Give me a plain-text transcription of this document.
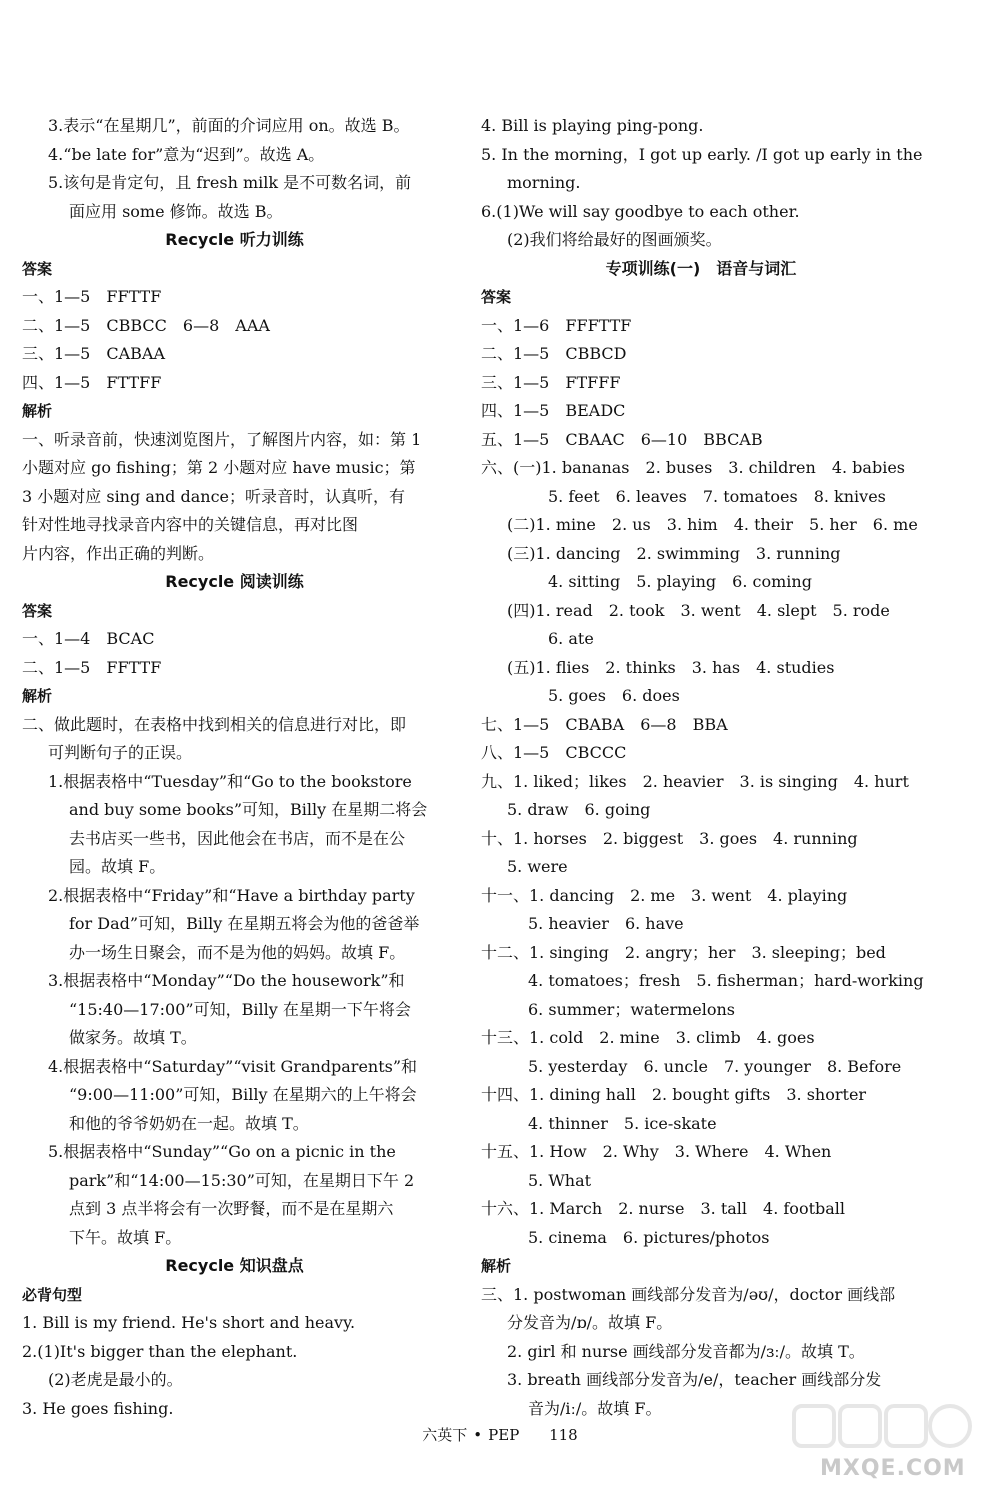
3.表示“在星期几”，前面的介词应用 on。故选 B。
4.“be late for”意为“迟到”。故选 A。
5.该句是肯定句，且 fresh milk 是不可数名词，前
面应用 some 修饰。故选 B。
Recycle 听力训练
答案
一、1—5　FFTTF
二、1—5　CBBCC　6—8　AAA
三、1—5　CABAA
四、1—5　FTTFF
解析
一、听录音前，快速浏览图片，了解图片内容，如：第 1
小题对应 go fishing；第 2 小题对应 have music；第
3 小题对应 sing and dance；听录音时，认真听，有
针对性地寻找录音内容中的关键信息，再对比图
片内容，作出正确的判断。
Recycle 阅读训练
答案
一、1—4　BCAC
二、1—5　FFTTF
解析
二、做此题时，在表格中找到相关的信息进行对比，即
可判断句子的正误。
1.根据表格中“Tuesday”和“Go to the bookstore
and buy some books”可知，Billy 在星期二将会
去书店买一些书，因此他会在书店，而不是在公
园。故填 F。
2.根据表格中“Friday”和“Have a birthday party
for Dad”可知，Billy 在星期五将会为他的爸爸举
办一场生日聚会，而不是为他的妈妈。故填 F。
3.根据表格中“Monday”“Do the housework”和
“15:40—17:00”可知，Billy 在星期一下午将会
做家务。故填 T。
4.根据表格中“Saturday”“visit Grandparents”和
“9:00—11:00”可知，Billy 在星期六的上午将会
和他的爷爷奶奶在一起。故填 T。
5.根据表格中“Sunday”“Go on a picnic in the
park”和“14:00—15:30”可知，在星期日下午 2
点到 3 点半将会有一次野餐，而不是在星期六
下午。故填 F。
Recycle 知识盘点
必背句型
1. Bill is my friend. He's short and heavy.
2.(1)It's bigger than the elephant.
(2)老虎是最小的。
3. He goes fishing.
4. Bill is playing ping-pong.
5. In the morning，I got up early. /I got up early in the
morning.
6.(1)We will say goodbye to each other.
(2)我们将给最好的图画颁奖。
专项训练(一)　语音与词汇
答案
一、1—6　FFFTTF
二、1—5　CBBCD
三、1—5　FTFFF
四、1—5　BEADC
五、1—5　CBAAC　6—10　BBCAB
六、(一)1. bananas　2. buses　3. children　4. babies
5. feet　6. leaves　7. tomatoes　8. knives
(二)1. mine　2. us　3. him　4. their　5. her　6. me
(三)1. dancing　2. swimming　3. running
4. sitting　5. playing　6. coming
(四)1. read　2. took　3. went　4. slept　5. rode
6. ate
(五)1. flies　2. thinks　3. has　4. studies
5. goes　6. does
七、1—5　CBABA　6—8　BBA
八、1—5　CBCCC
九、1. liked；likes　2. heavier　3. is singing　4. hurt
5. draw　6. going
十、1. horses　2. biggest　3. goes　4. running
5. were
十一、1. dancing　2. me　3. went　4. playing
5. heavier　6. have
十二、1. singing　2. angry；her　3. sleeping；bed
4. tomatoes；fresh　5. fisherman；hard-working
6. summer；watermelons
十三、1. cold　2. mine　3. climb　4. goes
5. yesterday　6. uncle　7. younger　8. Before
十四、1. dining hall　2. bought gifts　3. shorter
4. thinner　5. ice-skate
十五、1. How　2. Why　3. Where　4. When
5. What
十六、1. March　2. nurse　3. tall　4. football
5. cinema　6. pictures/photos
解析
三、1. postwoman 画线部分发音为/əʊ/，doctor 画线部
分发音为/ɒ/。故填 F。
2. girl 和 nurse 画线部分发音都为/ɜː/。故填 T。
3. breath 画线部分发音为/e/，teacher 画线部分发
音为/iː/。故填 F。
六英下 • PEP 118
MXQE.COM
